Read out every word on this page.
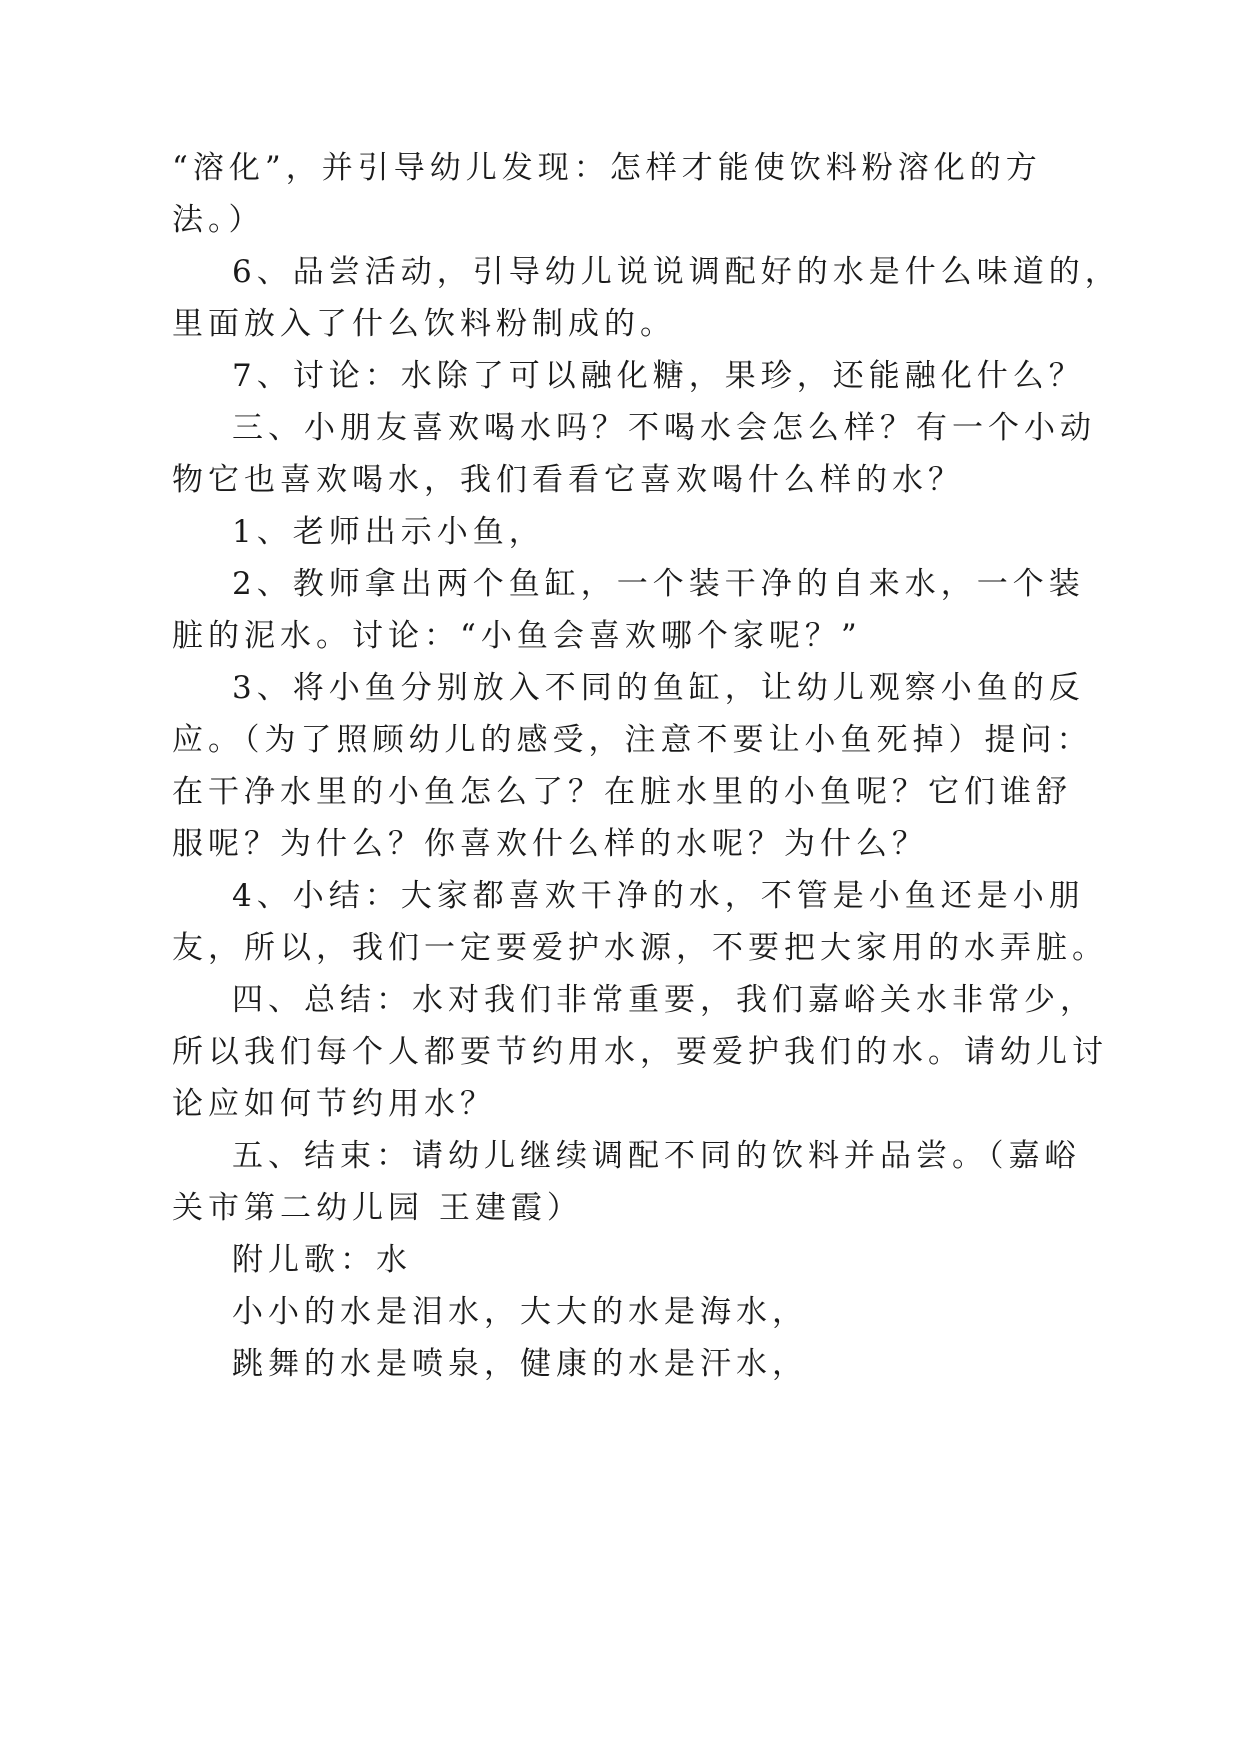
“溶化”，并引导幼儿发现：怎样才能使饮料粉溶化的方

法。）

6、品尝活动，引导幼儿说说调配好的水是什么味道的，

里面放入了什么饮料粉制成的。

7、讨论：水除了可以融化糖，果珍，还能融化什么？

三、小朋友喜欢喝水吗？不喝水会怎么样？有一个小动

物它也喜欢喝水，我们看看它喜欢喝什么样的水？

1、老师出示小鱼，

2、教师拿出两个鱼缸，一个装干净的自来水，一个装

脏的泥水。讨论：“小鱼会喜欢哪个家呢？”

3、将小鱼分别放入不同的鱼缸，让幼儿观察小鱼的反

应。（为了照顾幼儿的感受，注意不要让小鱼死掉）提问：

在干净水里的小鱼怎么了？在脏水里的小鱼呢？它们谁舒

服呢？为什么？你喜欢什么样的水呢？为什么？

4、小结：大家都喜欢干净的水，不管是小鱼还是小朋

友，所以，我们一定要爱护水源，不要把大家用的水弄脏。

四、总结：水对我们非常重要，我们嘉峪关水非常少，

所以我们每个人都要节约用水，要爱护我们的水。请幼儿讨

论应如何节约用水？

五、结束：请幼儿继续调配不同的饮料并品尝。（嘉峪

关市第二幼儿园 王建霞）

附儿歌：水

小小的水是泪水，大大的水是海水，

跳舞的水是喷泉，健康的水是汗水，
